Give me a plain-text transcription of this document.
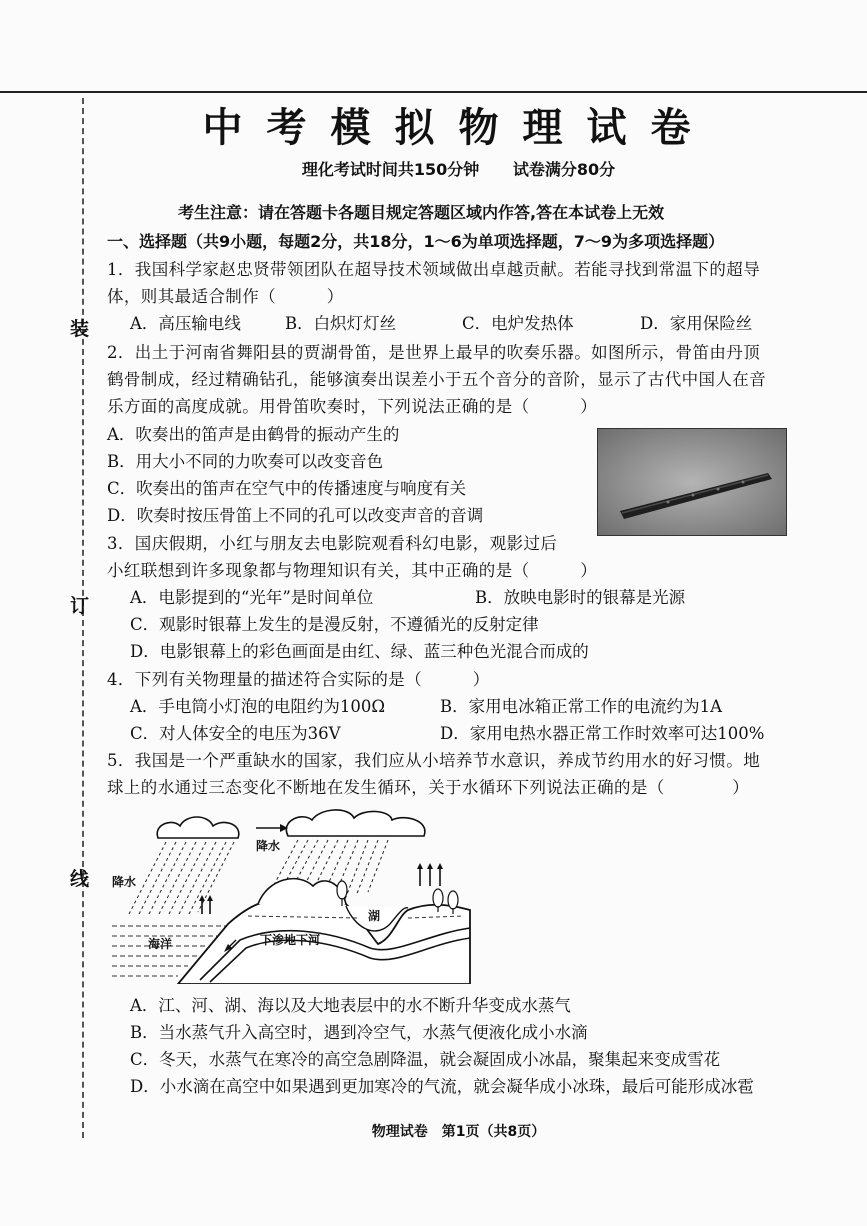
装
订
线
中考模拟物理试卷
理化考试时间共150分钟 试卷满分80分
考生注意：请在答题卡各题目规定答题区域内作答,答在本试卷上无效
一、选择题（共9小题，每题2分，共18分，1～6为单项选择题，7～9为多项选择题）
1．我国科学家赵忠贤带领团队在超导技术领域做出卓越贡献。若能寻找到常温下的超导
体，则其最适合制作（　　　）
A．高压输电线	B．白炽灯灯丝	C．电炉发热体	D．家用保险丝
2．出土于河南省舞阳县的贾湖骨笛，是世界上最早的吹奏乐器。如图所示，骨笛由丹顶
鹤骨制成，经过精确钻孔，能够演奏出误差小于五个音分的音阶，显示了古代中国人在音
乐方面的高度成就。用骨笛吹奏时，下列说法正确的是（　　　）
A．吹奏出的笛声是由鹤骨的振动产生的
B．用大小不同的力吹奏可以改变音色
C．吹奏出的笛声在空气中的传播速度与响度有关
D．吹奏时按压骨笛上不同的孔可以改变声音的音调
3．国庆假期，小红与朋友去电影院观看科幻电影，观影过后
小红联想到许多现象都与物理知识有关，其中正确的是（　　　）
A．电影提到的“光年”是时间单位	B．放映电影时的银幕是光源
C．观影时银幕上发生的是漫反射，不遵循光的反射定律
D．电影银幕上的彩色画面是由红、绿、蓝三种色光混合而成的
4．下列有关物理量的描述符合实际的是（　　　）
A．手电筒小灯泡的电阻约为100Ω	B．家用电冰箱正常工作的电流约为1A
C．对人体安全的电压为36V	D．家用电热水器正常工作时效率可达100%
5．我国是一个严重缺水的国家，我们应从小培养节水意识，养成节约用水的好习惯。地
球上的水通过三态变化不断地在发生循环，关于水循环下列说法正确的是（　　　　）
降水
降水
海洋
湖
下渗地下河
A．江、河、湖、海以及大地表层中的水不断升华变成水蒸气
B．当水蒸气升入高空时，遇到冷空气，水蒸气便液化成小水滴
C．冬天，水蒸气在寒冷的高空急剧降温，就会凝固成小冰晶，聚集起来变成雪花
D．小水滴在高空中如果遇到更加寒冷的气流，就会凝华成小冰珠，最后可能形成冰雹
物理试卷　第1页（共8页）
